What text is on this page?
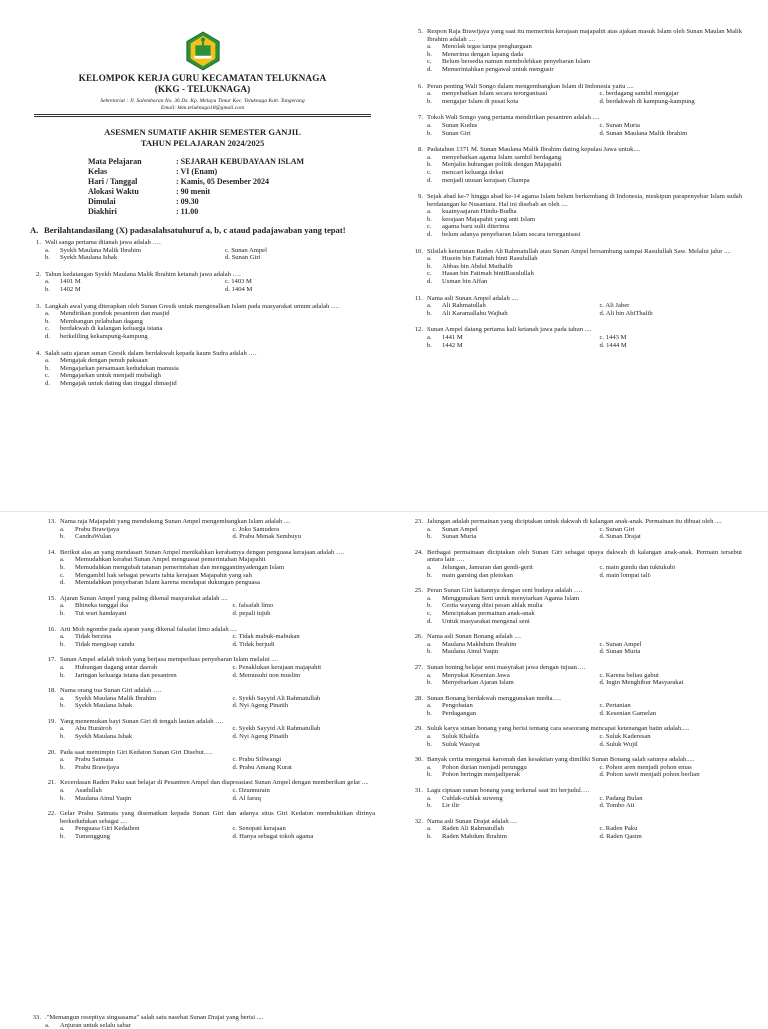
KELOMPOK KERJA GURU KECAMATAN TELUKNAGA
(KKG - TELUKNAGA)
Sekretariat : Jl. Salembaran No. 36 Ds. Kp. Melayu Timur Kec. Teluknaga Kab. Tangerang
Email: kkm.teluknaga18@gmail.com
ASESMEN SUMATIF AKHIR SEMESTER GANJIL
TAHUN PELAJARAN 2024/2025
Mata Pelajaran	: SEJARAH KEBUDAYAAN ISLAM
Kelas	: VI (Enam)
Hari / Tanggal	: Kamis, 05 Desember 2024
Alokasi Waktu	: 90 menit
Dimulai	: 09.30
Diakhiri	: 11.00
A. Berilahtandasilang (X) padasalahsatuhuruf a, b, c ataud padajawaban yang tepat!
1. Wali sanga pertama ditanah jawa adalah ….
a.	Syekh Maulana Malik Ibrahim	c. Sunan Ampel
b.	Syekh Maulana Ishak	d. Sunan Giri
2. Tahun kedatangan Syekh Maulana Malik Ibrahim ketanah jawa adalah ….
a.	1401 M	c. 1403 M
b.	1402 M	d. 1404 M
3. Langkah awal yang diterapkan oleh Sunan Gresik untuk mengenalkan Islam pada masyarakat umum adalah ….
a.	Mendirikan pondok pesantren dan masjid
b.	Membangun pelabuhan dagang
c.	berdakwah di kalangan keluarga istana
d.	berkeliling kekampung-kampung
4. Salah satu ajaran sunan Gresik dalam berdakwah kepada kaum Sudra adalah ….
a.	Mengajak dengan penuh paksaan
b.	Mengajarkan persamaan kedudukan manusia
c.	Mengajarkan untuk menjadi mubaligh
d.	Mengajak untuk dating dan tinggal dimasjid
5. Respon Raja Brawijaya yang saat itu memerinta kerajaan majapahit atas ajakan masuk Islam oleh Sunan Maulan Malik Ibrahim adalah ....
a.	Menolak tegas tanpa penghargaan
b.	Menerima dengan lapang dada
c.	Belum bersedia namun membolehkan penyebaran Islam
d.	Memerintahkan pengawal untuk mengusir
6. Peran penting Wali Songo dalam mengembangkan Islam di Indonesia yaitu ....
a.	menyebarkan Islam secara terorganisasi	c. berdagang sambil mengajar
b.	mengajar Islam di pusat kota	d. berdakwah di kampung-kampung
7. Tokoh Wali Songo yang pertama mendirikan pesantren adalah ....
a.	Sunan Kudus	c. Sunan Muria
b.	Sunan Giri	d. Sunan Maulana Malik Ibrahim
8. Padatahun 1371 M. Sunan Maulana Malik Ibrahim dating kepulau Jawa untuk....
a.	menyebarkan agama Islam sambil berdagang.
b.	Menjalin hubungan politik dengan Majapahit
c.	mencari keluarga dekat
d.	menjadi utusan kerajaan Champa
9. Sejak abad ke-7 hingga abad ke-14 agama Islam belum berkembang di Indonesia, meskipun parapenyebar Islam sudah berdatangan ke Nusantara. Hal ini disebab an oleh ....
a.	kuatnyaajaran Hindu-Budha
b.	kerajaan Majapahit yang anti Islam
c.	agama baru sulit diterima
d.	belum adanya penyebaran Islam secara terorganisasi
10. Silsilah keturunan Raden Ali Rahmatullah atau Sunan Ampel bersambung sampai Rasulullah Saw. Melalui jalur ....
a.	Husein bin Fatimah binti Rasulullah
b.	Abbas bin Abdul Muthalib
c.	Hasan bin Fatimah bintiRasulullah
d.	Usman bin Affan
11. Nama asli Sunan Ampel adalah ....
a.	Ali Rahmatullah	c. Ali Jaber
b.	Ali Karamallahu Wajhah	d. Ali bin AbiThalib
12. Sunan Ampel datang pertama kali ketanah jawa pada tahun ....
a.	1441 M	c. 1443 M
b.	1442 M	d. 1444 M
13. Nama raja Majapahit yang mendukung Sunan Ampel mengembangkan Islam adalah ....
a.	Prabu Brawijaya	c. Joko Samudera
b.	CandraWulan	d. Prabu Menak Sembuyu
14. Berikut alas an yang mendasari Sunan Ampel menikahkan kerabatnya dengan penguasa kerajaan adalah ….
a.	Memudahkan kerabat Sunan Ampel menguasai pemerintahan Majapahit
b.	Memudahkan mengubah tatanan pemerintahan dan menggantinyadengan Islam
c.	Mengambil hak sebagai pewaris tahta kerajaan Majapahit yang sah
d.	Memudahkan penyebaran Islam karena mendapat dukungan penguasa
15. Ajaran Sunan Ampel yang paling dikenal masyarakat adalah ....
a.	Bhineka tunggal ika	c. falsafah limo
b.	Tut wuri handayani	d. pepali tujuh
16. Arti Moh ngombe pada ajaran yang dikenal falsafat limo adalah ....
a.	Tidak berzina	c. Tidak mabuk-mabukan
b.	Tidak mengisap candu	d. Tidak berjudi
17. Sunan Ampel adalah tokoh yang berjasa memperluas penyebaran Islam melalui ....
a.	Hubungan dagang antar daerah	c. Penaklukan kerajaan majapahit
b.	Jaringan keluarga istana dan pesantren	d. Memusuhi non muslim
18. Nama orang tua Sunan Giri adalah ….
a.	Syekh Maulana Malik Ibrahim	c. Syekh Sayyid Ali Rahmatullah
b.	Syekh Maulana Ishak	d. Nyi Ageng Pinatih
19. Yang menemukan bayi Sunan Giri di tengah lautan adalah ….
a.	Abu Hurairoh	c. Syekh Sayyid Ali Rahmatullah
b.	Syekh Maulana Ishak	d. Nyi Ageng Pinatih
20. Pada saat memimpin Giri Kedaton Sunan Giri Disebut….
a.	Prabu Satmata	c. Prabu Siliwangi
b.	Prabu Brawijaya	d. Prabu Amang Kurat
21. Kecerdasan Raden Paku saat belajar di Pesantren Ampel dan diapreasiasi Sunan Ampel dengan memberikan gelar ....
a.	Asadullah	c. Dzunnurain
b.	Maulana Ainul Yaqin	d. Al faruq
22. Gelar Prabu Satmata yang disematkan kepada Sunan Giri dan adanya situs Giri Kedaton membuktikan dirinya berkedudukan sebagai ....
a.	Penguasa Giri Kedathon	c. Senopati kerajaan
b.	Tumenggung	d. Hanya sebagai tokoh agama
23. Jalungan adalah permainan yang diciptakan untuk dakwah di kalangan anak-anak. Permainan itu dibuat oleh ....
a.	Sunan Ampel	c. Sunan Giri
b.	Sunan Muria	d. Sunan Drajat
24. Berbagai permainaan diciptakan oleh Sunan Giri sebagai upaya dakwah di kalangan anak-anak. Permain tersebut antara lain ….
a.	Jelungan, Jamuran dan gendi-gerit	c. main gundu dan tuktukubi
b.	main gansing dan pletokan	d. main lompat tali\
25. Peran Sunan Giri kaitannya dengan seni budaya adalah ….
a.	Menggunakan Seni untuk menyiarkan Agama Islam
b.	Cerita wayang diisi pesan ahlak mulia
c.	Menciptakan permainan anak-anak
d.	Untuk masyarakat mengenal seni
26. Nama asli Sunan Bonang adalah ....
a.	Maulana Makhdum Ibrahim	c. Sunan Ampel
b.	Maulana Ainul Yaqin	d. Sunan Muria
27. Sunan boning belajar seni masyrakat jawa dengan tujuan….
a.	Menyukai Kesenian Jawa	c. Karena beliau gabut
b.	Menyebarkan Ajaran Islam	d. Ingin Menghibur Masyarakat
28. Sunan Bonang berdakwah menggunakan media….
a.	Pengobatan	c. Pertanian
b.	Perdagangan	d. Kesenian Gamelan
29. Suluk karya sunan bonang yang berisi tentang cara seseorang mencapai ketenangan batin adalah.....
a.	Suluk Khalifa	c. Suluk Kaderesan
b.	Suluk Wasiyat	d. Suluk Wujil
30. Banyak cerita mengenai karomah dan kesaktian yang dimiliki Sunan Bonang salah satunya adalah.....
a.	Pohon durian menjadi perunggu	c. Pohon aren menjadi pohon emas
b.	Pohon beringin menjadiperak	d. Pohon sawit menjadi pohon berlian
31. Lagu ciptaan sunan bonang yang terkenal saat ini berjudul….
a.	Cublak-cublak suweng	c. Padang Bulan
b.	Lir ilir	d. Tombo Ati
32. Nama asli Sunan Drajat adalah ....
a.	Raden Ali Rahmatullah	c. Raden Paku
b.	Raden Mahdum Ibrahim	d. Raden Qasim
33. ."Memangun reseptiya singsasama" salah satu nasehat Sunan Drajat yang berisi ....
a.	Anjuran untuk selalu sabar
